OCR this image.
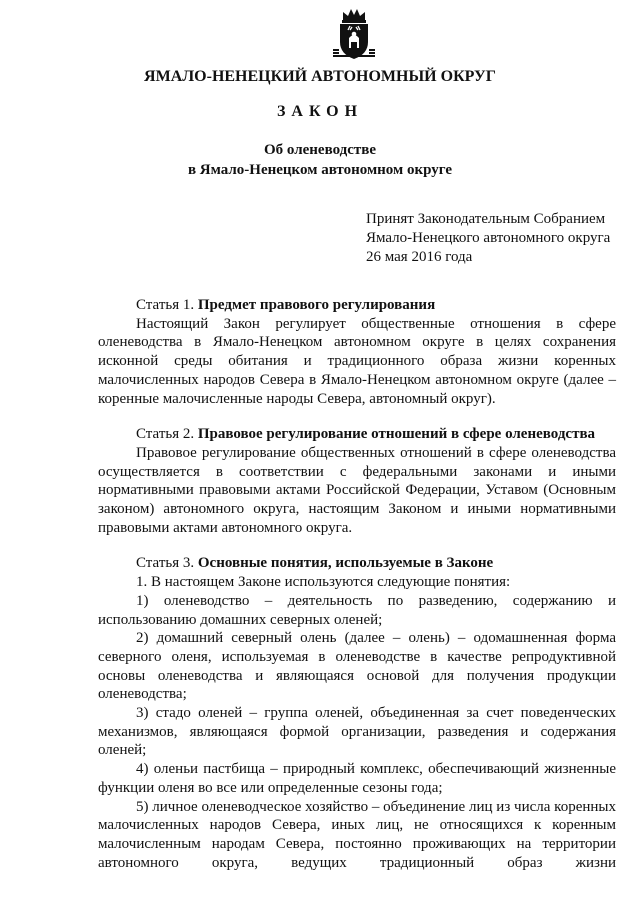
ЯМАЛО-НЕНЕЦКИЙ АВТОНОМНЫЙ ОКРУГ
ЗАКОН
Об оленеводстве
в Ямало-Ненецком автономном округе
Принят Законодательным Собранием
Ямало-Ненецкого автономного округа
26 мая 2016 года
Статья 1. Предмет правового регулирования

Настоящий Закон регулирует общественные отношения в сфере оленеводства в Ямало-Ненецком автономном округе в целях сохранения исконной среды обитания и традиционного образа жизни коренных малочисленных народов Севера в Ямало-Ненецком автономном округе (далее – коренные малочисленные народы Севера, автономный округ).

Статья 2. Правовое регулирование отношений в сфере оленеводства

Правовое регулирование общественных отношений в сфере оленеводства осуществляется в соответствии с федеральными законами и иными нормативными правовыми актами Российской Федерации, Уставом (Основным законом) автономного округа, настоящим Законом и иными нормативными правовыми актами автономного округа.

Статья 3. Основные понятия, используемые в Законе

1. В настоящем Законе используются следующие понятия:

1) оленеводство – деятельность по разведению, содержанию и использованию домашних северных оленей;

2) домашний северный олень (далее – олень) – одомашненная форма северного оленя, используемая в оленеводстве в качестве репродуктивной основы оленеводства и являющаяся основой для получения продукции оленеводства;

3) стадо оленей – группа оленей, объединенная за счет поведенческих механизмов, являющаяся формой организации, разведения и содержания оленей;

4) оленьи пастбища – природный комплекс, обеспечивающий жизненные функции оленя во все или определенные сезоны года;

5) личное оленеводческое хозяйство – объединение лиц из числа коренных малочисленных народов Севера, иных лиц, не относящихся к коренным малочисленным народам Севера, постоянно проживающих на территории автономного округа, ведущих традиционный образ жизни
